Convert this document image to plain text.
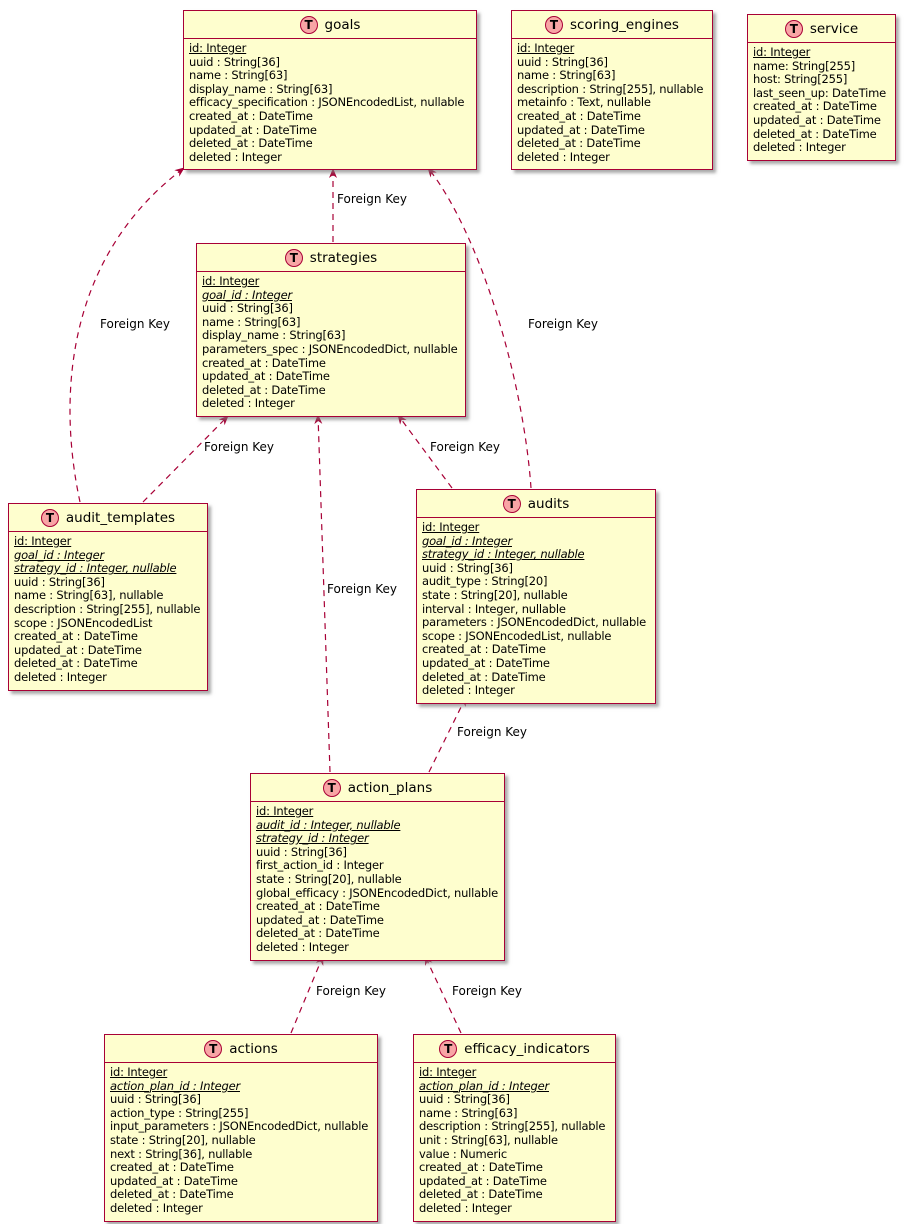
Foreign Key
Foreign Key	Foreign Key
Foreign Key	Foreign Key
Foreign Key
Foreign Key
Foreign Key	Foreign Key
T goals
id: Integer
uuid : String[36]
name : String[63]
display_name : String[63]
efficacy_specification : JSONEncodedList, nullable
created_at : DateTime
updated_at : DateTime
deleted_at : DateTime
deleted : Integer
T scoring_engines
id: Integer
uuid : String[36]
name : String[63]
description : String[255], nullable
metainfo : Text, nullable
created_at : DateTime
updated_at : DateTime
deleted_at : DateTime
deleted : Integer
T service
id: Integer
name: String[255]
host: String[255]
last_seen_up: DateTime
created_at : DateTime
updated_at : DateTime
deleted_at : DateTime
deleted : Integer
T strategies
id: Integer
goal_id : Integer
uuid : String[36]
name : String[63]
display_name : String[63]
parameters_spec : JSONEncodedDict, nullable
created_at : DateTime
updated_at : DateTime
deleted_at : DateTime
deleted : Integer
T audit_templates
id: Integer
goal_id : Integer
strategy_id : Integer, nullable
uuid : String[36]
name : String[63], nullable
description : String[255], nullable
scope : JSONEncodedList
created_at : DateTime
updated_at : DateTime
deleted_at : DateTime
deleted : Integer
T audits
id: Integer
goal_id : Integer
strategy_id : Integer, nullable
uuid : String[36]
audit_type : String[20]
state : String[20], nullable
interval : Integer, nullable
parameters : JSONEncodedDict, nullable
scope : JSONEncodedList, nullable
created_at : DateTime
updated_at : DateTime
deleted_at : DateTime
deleted : Integer
T action_plans
id: Integer
audit_id : Integer, nullable
strategy_id : Integer
uuid : String[36]
first_action_id : Integer
state : String[20], nullable
global_efficacy : JSONEncodedDict, nullable
created_at : DateTime
updated_at : DateTime
deleted_at : DateTime
deleted : Integer
T actions
id: Integer
action_plan_id : Integer
uuid : String[36]
action_type : String[255]
input_parameters : JSONEncodedDict, nullable
state : String[20], nullable
next : String[36], nullable
created_at : DateTime
updated_at : DateTime
deleted_at : DateTime
deleted : Integer
T efficacy_indicators
id: Integer
action_plan_id : Integer
uuid : String[36]
name : String[63]
description : String[255], nullable
unit : String[63], nullable
value : Numeric
created_at : DateTime
updated_at : DateTime
deleted_at : DateTime
deleted : Integer
